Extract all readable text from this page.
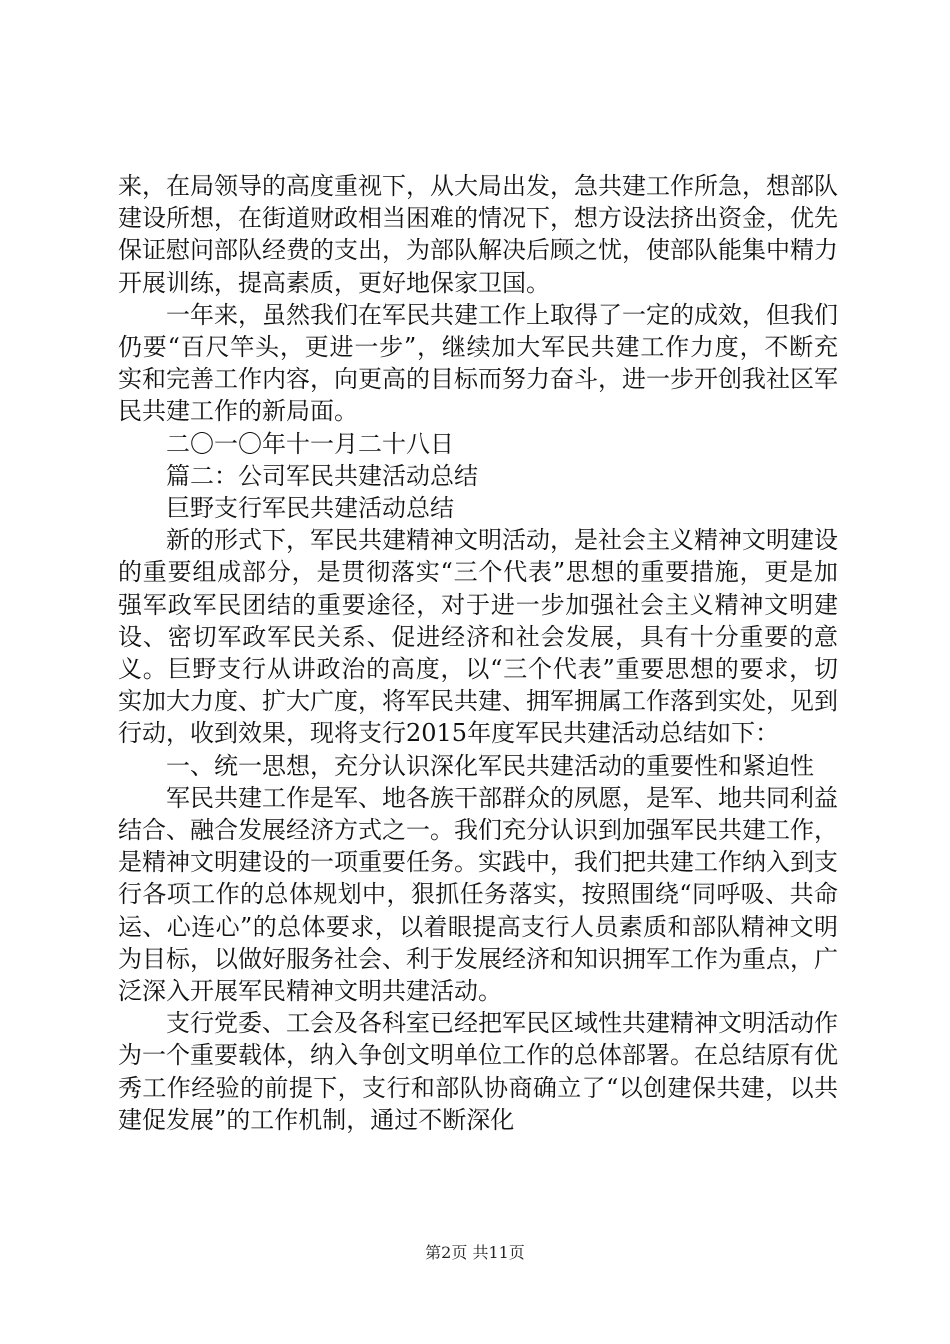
来，在局领导的高度重视下，从大局出发，急共建工作所急，想部队建设所想，在街道财政相当困难的情况下，想方设法挤出资金，优先保证慰问部队经费的支出，为部队解决后顾之忧，使部队能集中精力开展训练，提高素质，更好地保家卫国。

一年来，虽然我们在军民共建工作上取得了一定的成效，但我们仍要“百尺竿头，更进一步”，继续加大军民共建工作力度，不断充实和完善工作内容，向更高的目标而努力奋斗，进一步开创我社区军民共建工作的新局面。

二〇一〇年十一月二十八日

篇二：公司军民共建活动总结

巨野支行军民共建活动总结

新的形式下，军民共建精神文明活动，是社会主义精神文明建设的重要组成部分，是贯彻落实“三个代表”思想的重要措施，更是加强军政军民团结的重要途径，对于进一步加强社会主义精神文明建设、密切军政军民关系、促进经济和社会发展，具有十分重要的意义。巨野支行从讲政治的高度，以“三个代表”重要思想的要求，切实加大力度、扩大广度，将军民共建、拥军拥属工作落到实处，见到行动，收到效果，现将支行2015年度军民共建活动总结如下：

一、统一思想，充分认识深化军民共建活动的重要性和紧迫性

军民共建工作是军、地各族干部群众的夙愿，是军、地共同利益结合、融合发展经济方式之一。我们充分认识到加强军民共建工作，是精神文明建设的一项重要任务。实践中，我们把共建工作纳入到支行各项工作的总体规划中，狠抓任务落实，按照围绕“同呼吸、共命运、心连心”的总体要求，以着眼提高支行人员素质和部队精神文明为目标，以做好服务社会、利于发展经济和知识拥军工作为重点，广泛深入开展军民精神文明共建活动。

支行党委、工会及各科室已经把军民区域性共建精神文明活动作为一个重要载体，纳入争创文明单位工作的总体部署。在总结原有优秀工作经验的前提下，支行和部队协商确立了“以创建保共建，以共建促发展”的工作机制，通过不断深化

第2页 共11页
